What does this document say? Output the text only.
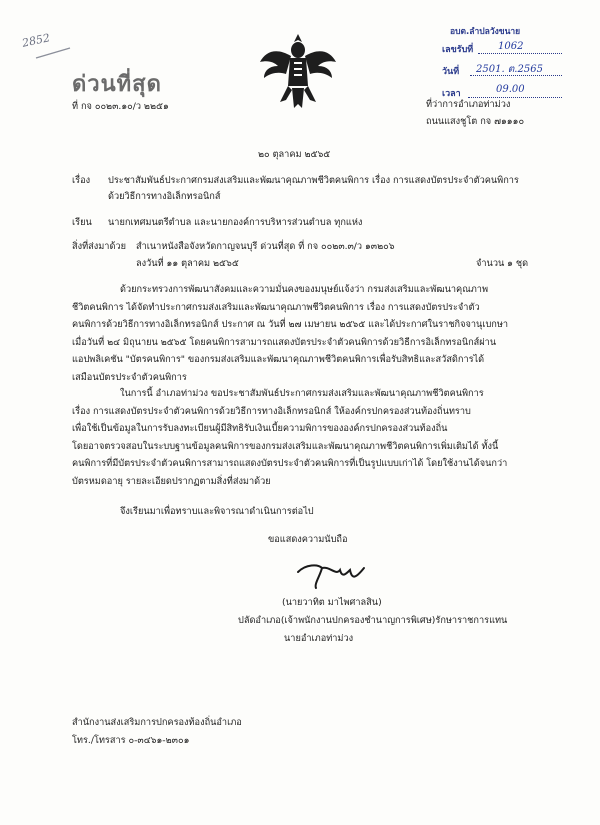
2852
ด่วนที่สุด
อบต.ลำปลวังขนาย
เลขรับที่ 1062
วันที่ 2501. ต.2565
เวลา	09.00
ที่ กจ ๐๐๒๓.๑๐/ว ๒๒๕๑	ที่ว่าการอำเภอท่าม่วง
ถนนแสงชูโต กจ ๗๑๑๑๐
๒๐ ตุลาคม ๒๕๖๕
เรื่อง ประชาสัมพันธ์ประกาศกรมส่งเสริมและพัฒนาคุณภาพชีวิตคนพิการ เรื่อง การแสดงบัตรประจำตัวคนพิการ
ด้วยวิธีการทางอิเล็กทรอนิกส์
เรียน นายกเทศมนตรีตำบล และนายกองค์การบริหารส่วนตำบล ทุกแห่ง
สิ่งที่ส่งมาด้วย สำเนาหนังสือจังหวัดกาญจนบุรี ด่วนที่สุด ที่ กจ ๐๐๒๓.๓/ว ๑๓๒๐๖
ลงวันที่ ๑๑ ตุลาคม ๒๕๖๕	จำนวน ๑ ชุด
ด้วยกระทรวงการพัฒนาสังคมและความมั่นคงของมนุษย์แจ้งว่า กรมส่งเสริมและพัฒนาคุณภาพ
ชีวิตคนพิการ ได้จัดทำประกาศกรมส่งเสริมและพัฒนาคุณภาพชีวิตคนพิการ เรื่อง การแสดงบัตรประจำตัว
คนพิการด้วยวิธีการทางอิเล็กทรอนิกส์ ประกาศ ณ วันที่ ๒๗ เมษายน ๒๕๖๕ และได้ประกาศในราชกิจจานุเบกษา
เมื่อวันที่ ๒๔ มิถุนายน ๒๕๖๕ โดยคนพิการสามารถแสดงบัตรประจำตัวคนพิการด้วยวิธีการอิเล็กทรอนิกส์ผ่าน
แอปพลิเคชัน "บัตรคนพิการ" ของกรมส่งเสริมและพัฒนาคุณภาพชีวิตคนพิการเพื่อรับสิทธิและสวัสดิการได้
เสมือนบัตรประจำตัวคนพิการ
ในการนี้ อำเภอท่าม่วง ขอประชาสัมพันธ์ประกาศกรมส่งเสริมและพัฒนาคุณภาพชีวิตคนพิการ
เรื่อง การแสดงบัตรประจำตัวคนพิการด้วยวิธีการทางอิเล็กทรอนิกส์ ให้องค์กรปกครองส่วนท้องถิ่นทราบ
เพื่อใช้เป็นข้อมูลในการรับลงทะเบียนผู้มีสิทธิรับเงินเบี้ยความพิการขององค์กรปกครองส่วนท้องถิ่น
โดยอาจตรวจสอบในระบบฐานข้อมูลคนพิการของกรมส่งเสริมและพัฒนาคุณภาพชีวิตคนพิการเพิ่มเติมได้ ทั้งนี้
คนพิการที่มีบัตรประจำตัวคนพิการสามารถแสดงบัตรประจำตัวคนพิการที่เป็นรูปแบบเก่าได้ โดยใช้งานได้จนกว่า
บัตรหมดอายุ รายละเอียดปรากฏตามสิ่งที่ส่งมาด้วย
จึงเรียนมาเพื่อทราบและพิจารณาดำเนินการต่อไป
ขอแสดงความนับถือ
(นายวาทิต มาไพศาลสิน)
ปลัดอำเภอ(เจ้าพนักงานปกครองชำนาญการพิเศษ)รักษาราชการแทน
นายอำเภอท่าม่วง
สำนักงานส่งเสริมการปกครองท้องถิ่นอำเภอ
โทร./โทรสาร ๐-๓๔๖๑-๒๓๐๑
